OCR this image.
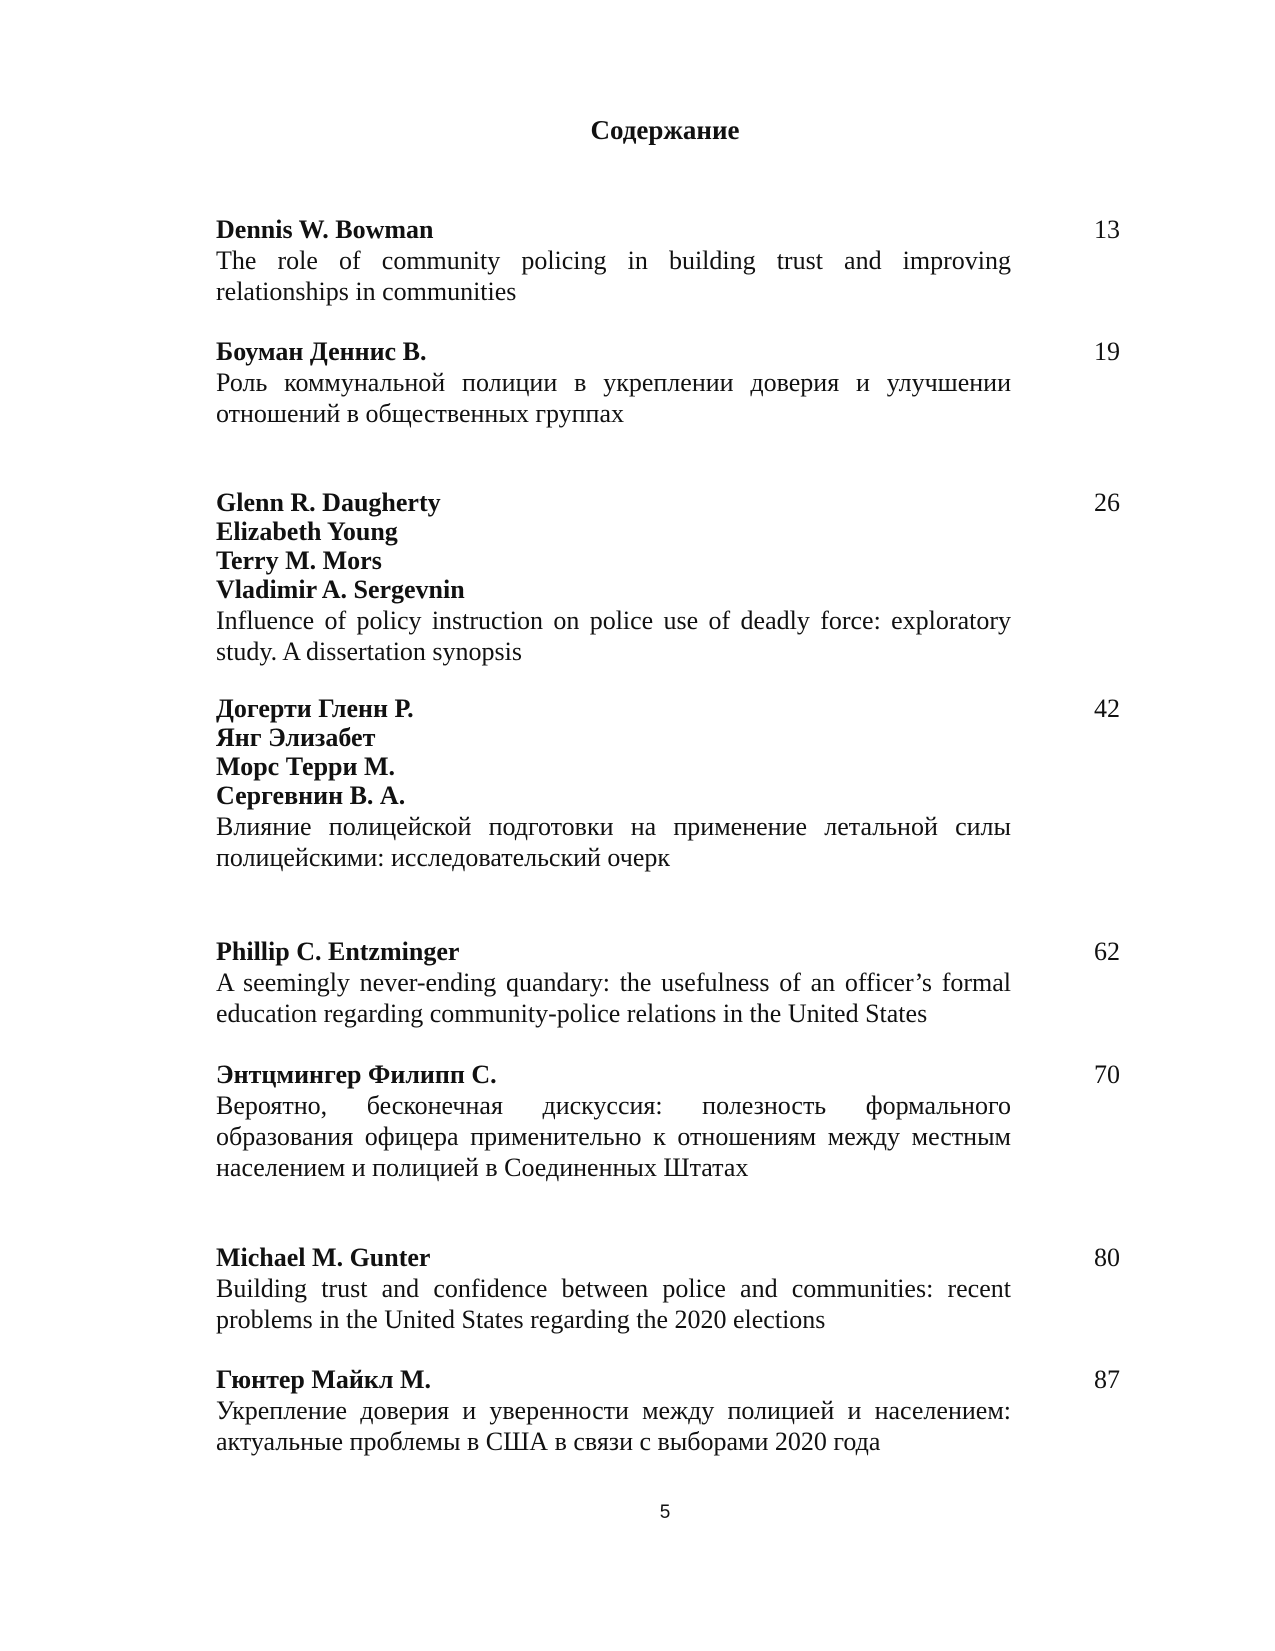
Содержание
Dennis W. Bowman
The role of community policing in building trust and improving relationships in communities
13
Боуман Деннис В.
Роль коммунальной полиции в укреплении доверия и улучшении отношений в общественных группах
19
Glenn R. Daugherty
Elizabeth Young
Terry M. Mors
Vladimir A. Sergevnin
Influence of policy instruction on police use of deadly force: exploratory study. A dissertation synopsis
26
Догерти Гленн Р.
Янг Элизабет
Морс Терри М.
Сергевнин В. А.
Влияние полицейской подготовки на применение летальной силы полицейскими: исследовательский очерк
42
Phillip C. Entzminger
A seemingly never-ending quandary: the usefulness of an officer’s formal education regarding community-police relations in the United States
62
Энтцмингер Филипп С.
Вероятно, бесконечная дискуссия: полезность формального образования офицера применительно к отношениям между местным населением и полицией в Соединенных Штатах
70
Michael M. Gunter
Building trust and confidence between police and communities: recent problems in the United States regarding the 2020 elections
80
Гюнтер Майкл М.
Укрепление доверия и уверенности между полицией и населением: актуальные проблемы в США в связи с выборами 2020 года
87
5
